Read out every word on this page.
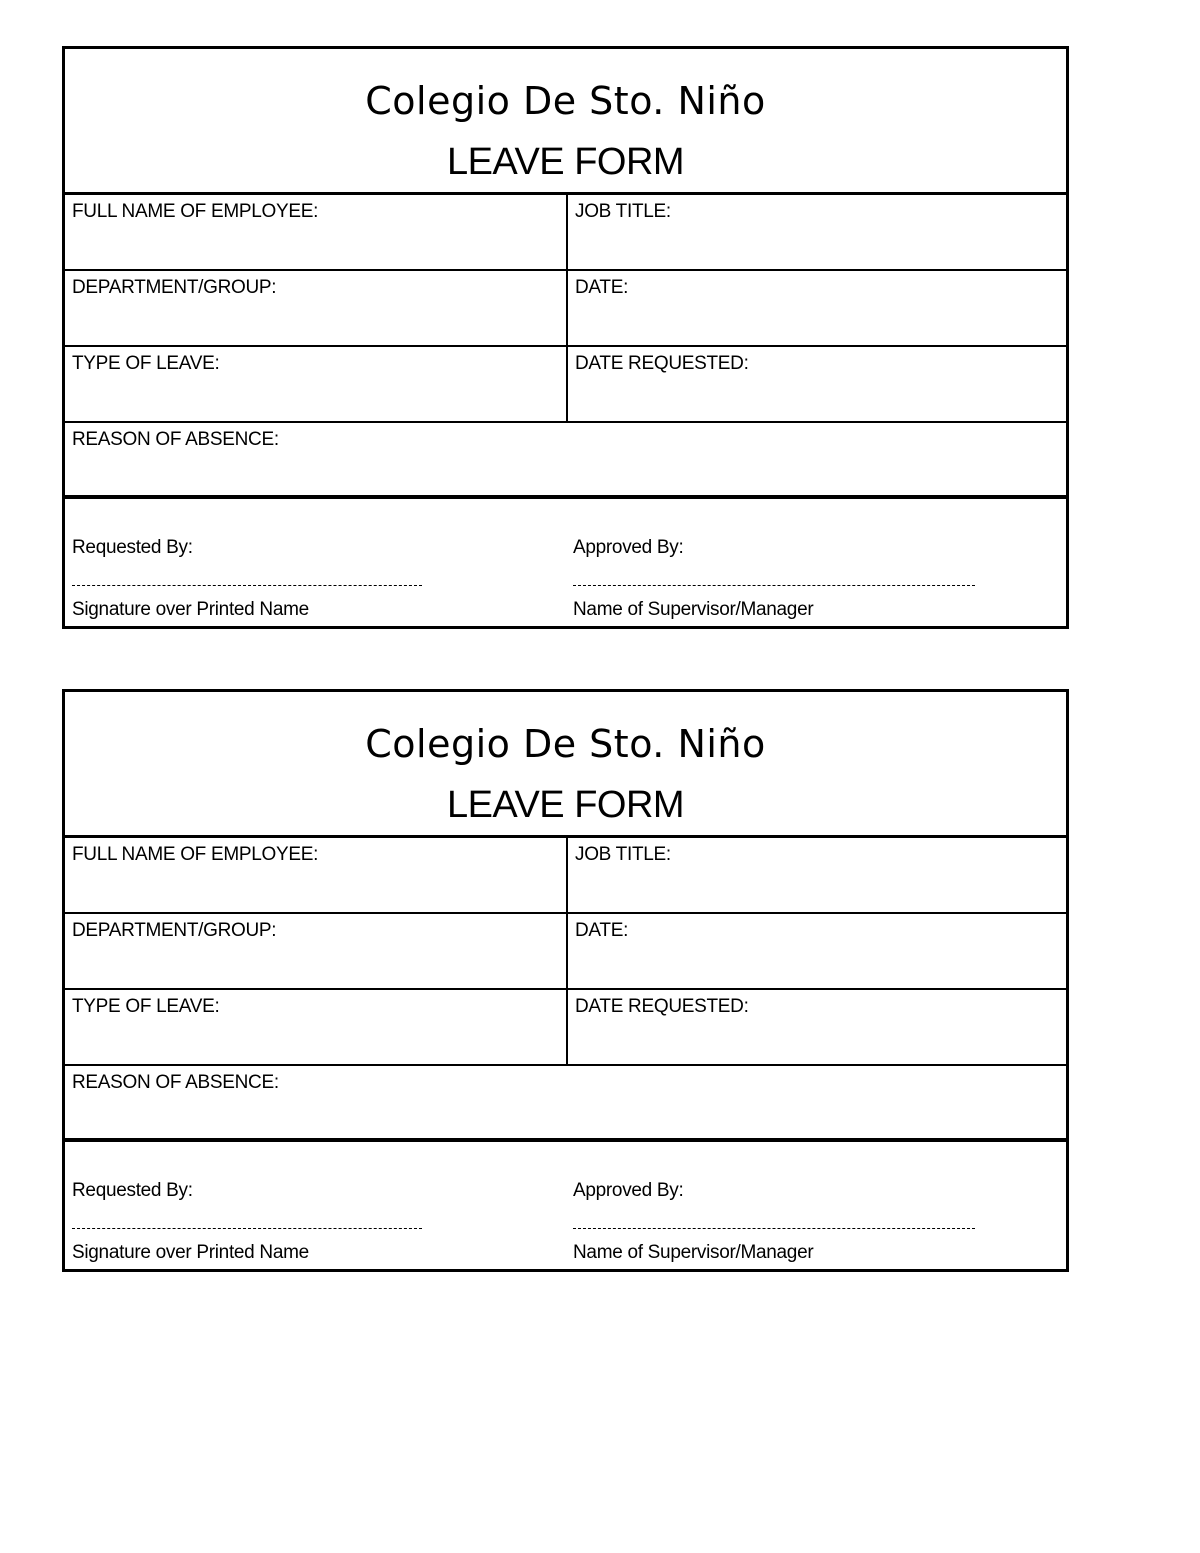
Colegio De Sto. Niño
LEAVE FORM
FULL NAME OF EMPLOYEE:	JOB TITLE:
DEPARTMENT/GROUP:	DATE:
TYPE OF LEAVE:	DATE REQUESTED:
REASON OF ABSENCE:
Requested By:
Signature over Printed Name
Approved By:
Name of Supervisor/Manager
Colegio De Sto. Niño
LEAVE FORM
FULL NAME OF EMPLOYEE:	JOB TITLE:
DEPARTMENT/GROUP:	DATE:
TYPE OF LEAVE:	DATE REQUESTED:
REASON OF ABSENCE:
Requested By:
Signature over Printed Name
Approved By:
Name of Supervisor/Manager
